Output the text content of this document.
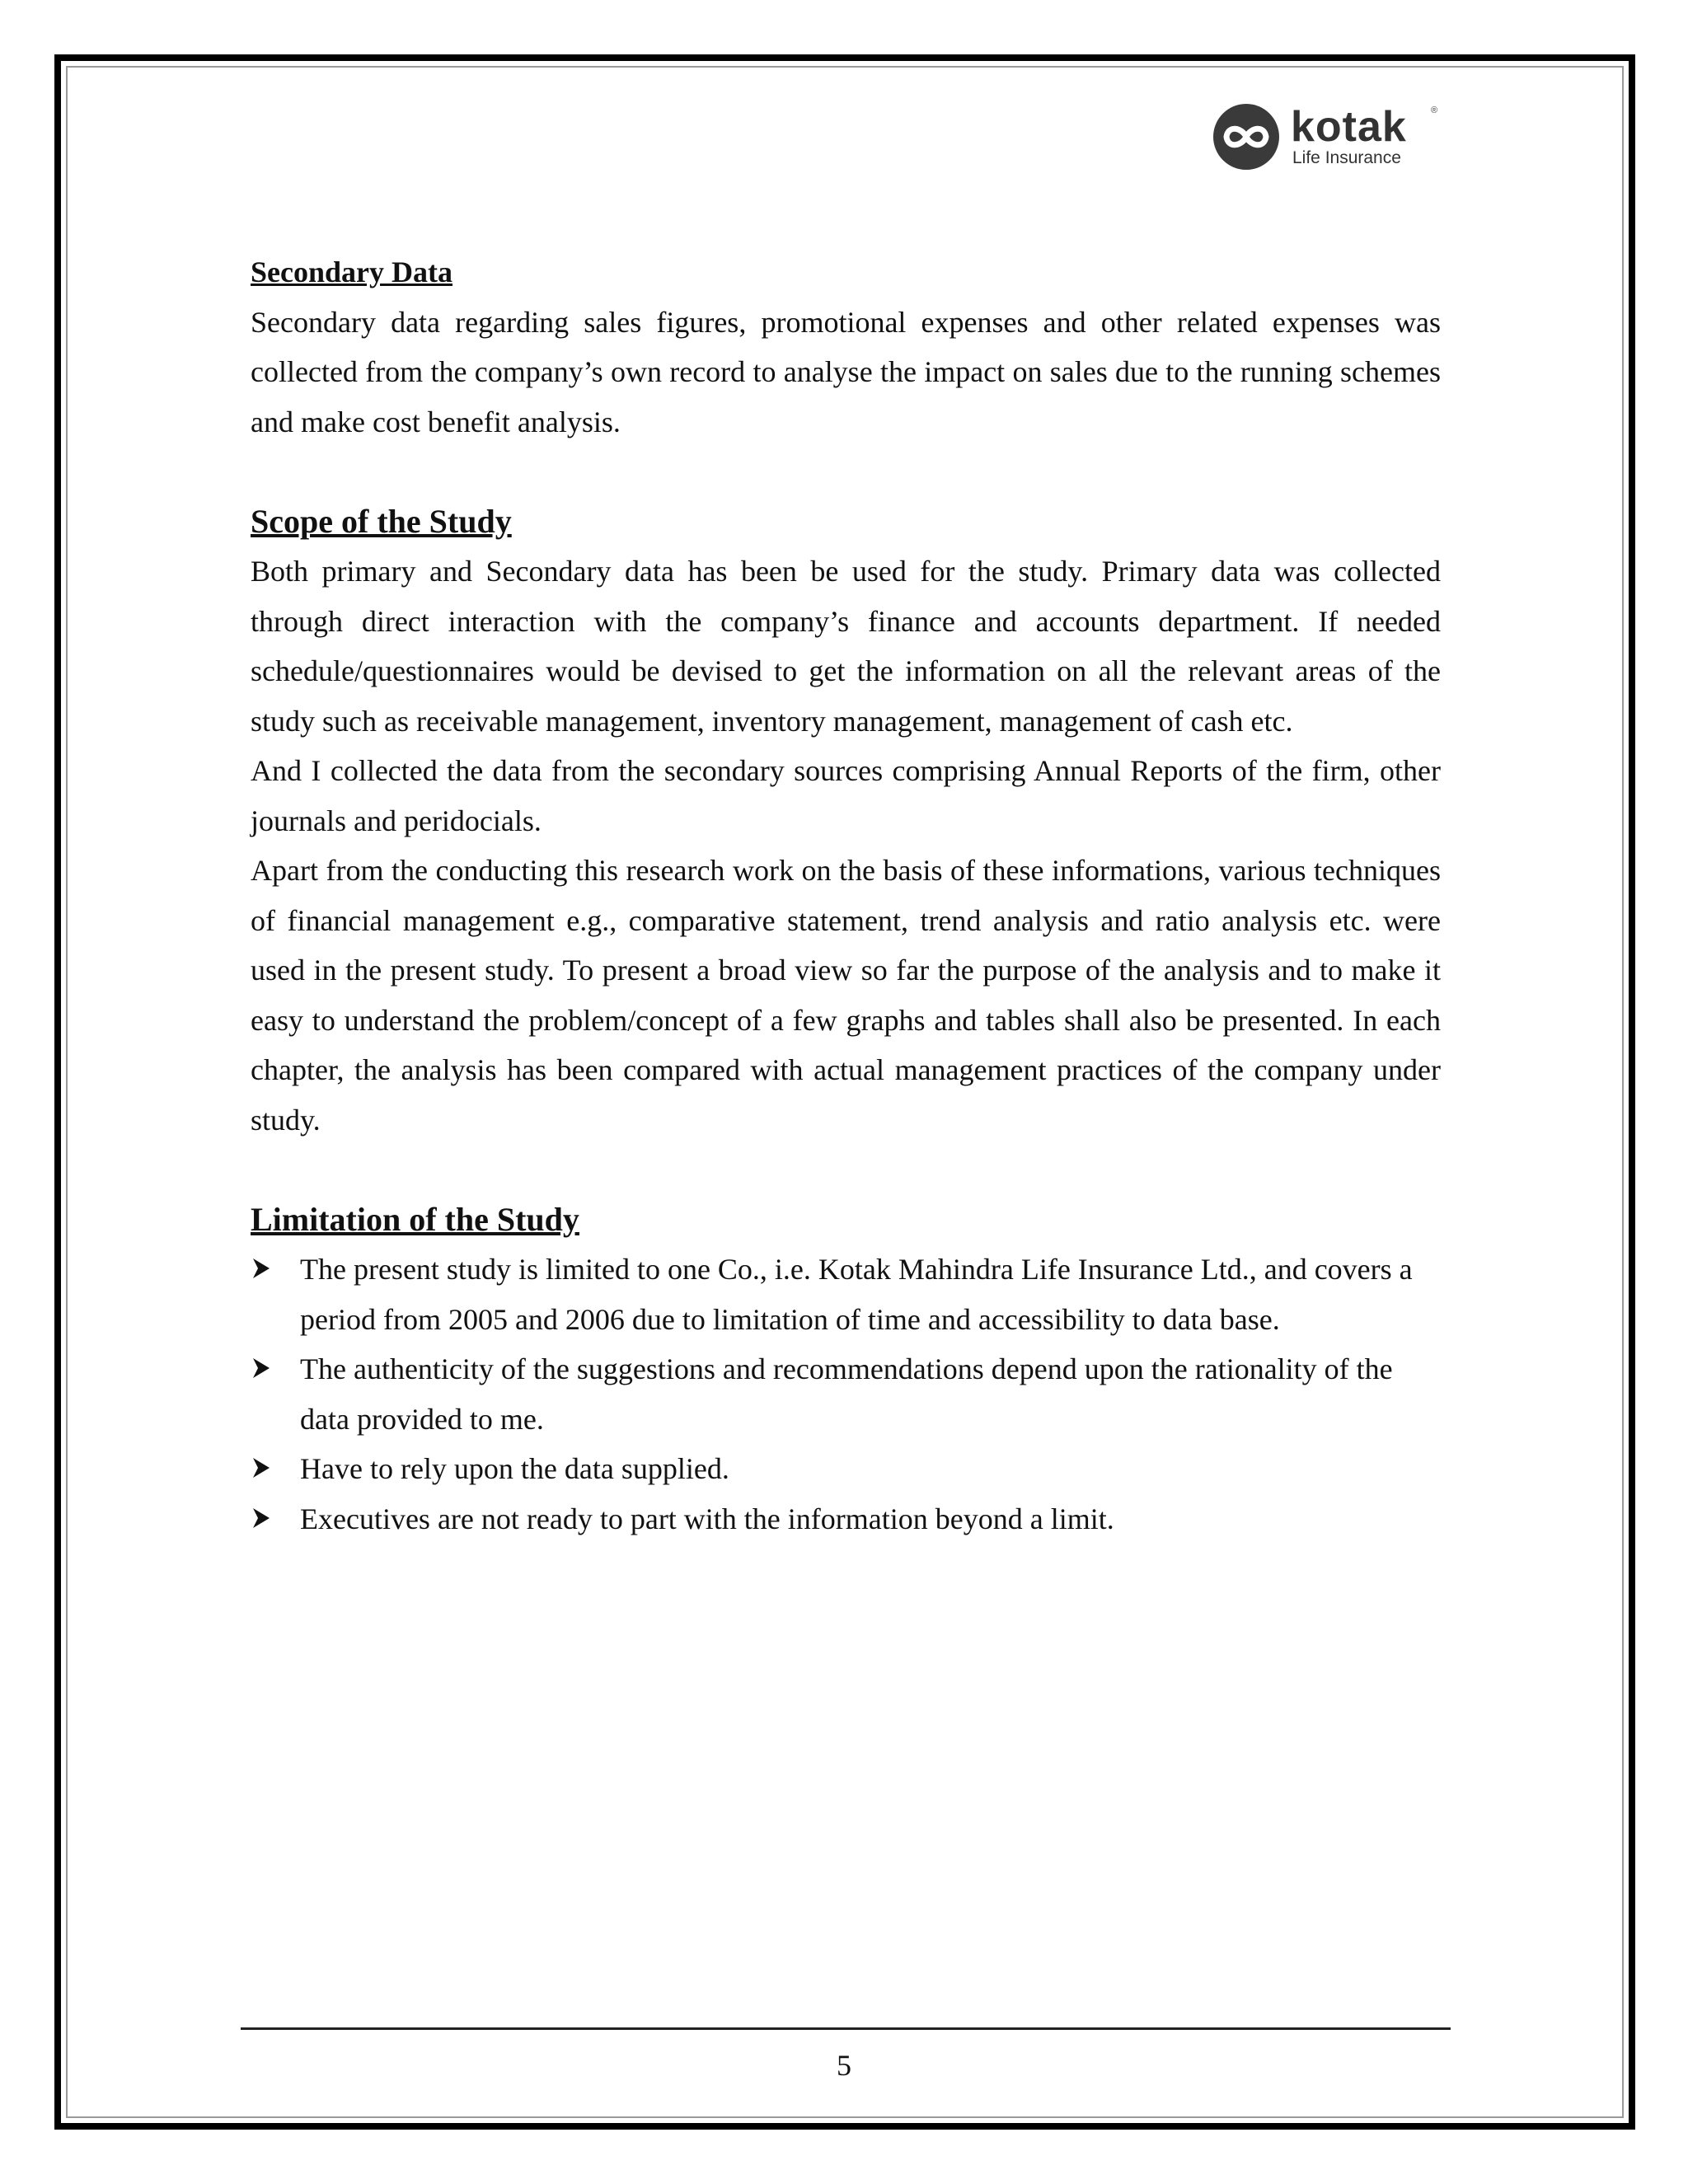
kotak	®
Life Insurance
Secondary Data

Secondary data regarding sales figures, promotional expenses and other related expenses was collected from the company’s own record to analyse the impact on sales due to the running schemes and make cost benefit analysis.

Scope of the Study

Both primary and Secondary data has been be used for the study. Primary data was collected through direct interaction with the company’s finance and accounts department. If needed schedule/questionnaires would be devised to get the information on all the relevant areas of the study such as receivable management, inventory management, management of cash etc.

And I collected the data from the secondary sources comprising Annual Reports of the firm, other journals and peridocials.

Apart from the conducting this research work on the basis of these informations, various techniques of financial management e.g., comparative statement, trend analysis and ratio analysis etc. were used in the present study. To present a broad view so far the purpose of the analysis and to make it easy to understand the problem/concept of a few graphs and tables shall also be presented. In each chapter, the analysis has been compared with actual management practices of the company under study.

Limitation of the Study
The present study is limited to one Co., i.e. Kotak Mahindra Life Insurance Ltd., and covers a period from 2005 and 2006 due to limitation of time and accessibility to data base.
The authenticity of the suggestions and recommendations depend upon the rationality of the data provided to me.
Have to rely upon the data supplied.
Executives are not ready to part with the information beyond a limit.
5
